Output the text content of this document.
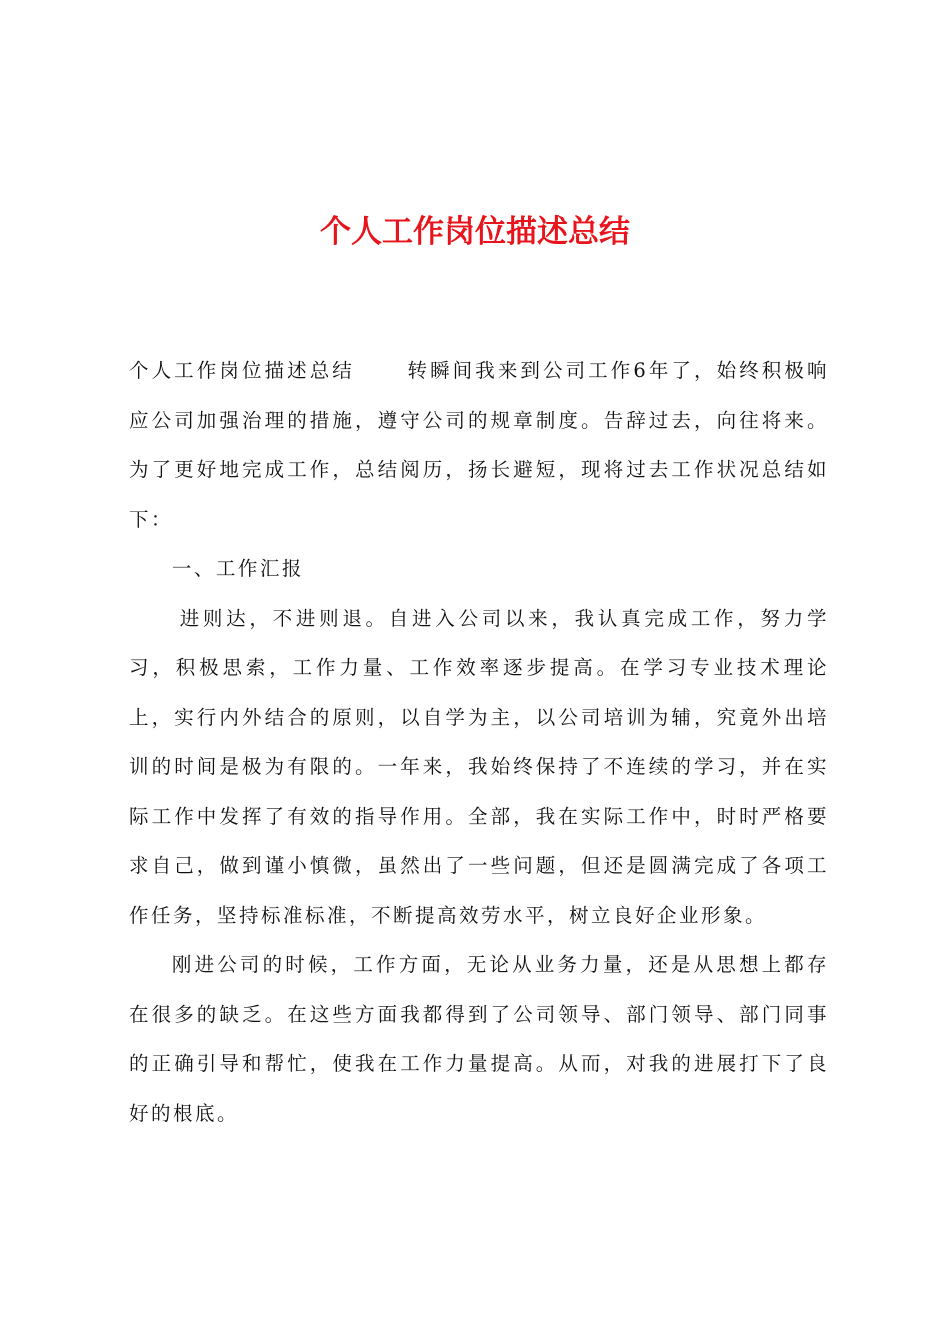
个人工作岗位描述总结

个人工作岗位描述总结	转瞬间我来到公司工作6年了，始终积极响应公司加强治理的措施，遵守公司的规章制度。告辞过去，向往将来。为了更好地完成工作，总结阅历，扬长避短，现将过去工作状况总结如下：

一、工作汇报

进则达，不进则退。自进入公司以来，我认真完成工作，努力学习，积极思索，工作力量、工作效率逐步提高。在学习专业技术理论上，实行内外结合的原则，以自学为主，以公司培训为辅，究竟外出培训的时间是极为有限的。一年来，我始终保持了不连续的学习，并在实际工作中发挥了有效的指导作用。全部，我在实际工作中，时时严格要求自己，做到谨小慎微，虽然出了一些问题，但还是圆满完成了各项工作任务，坚持标准标准，不断提高效劳水平，树立良好企业形象。

刚进公司的时候，工作方面，无论从业务力量，还是从思想上都存在很多的缺乏。在这些方面我都得到了公司领导、部门领导、部门同事的正确引导和帮忙，使我在工作力量提高。从而，对我的进展打下了良好的根底。
